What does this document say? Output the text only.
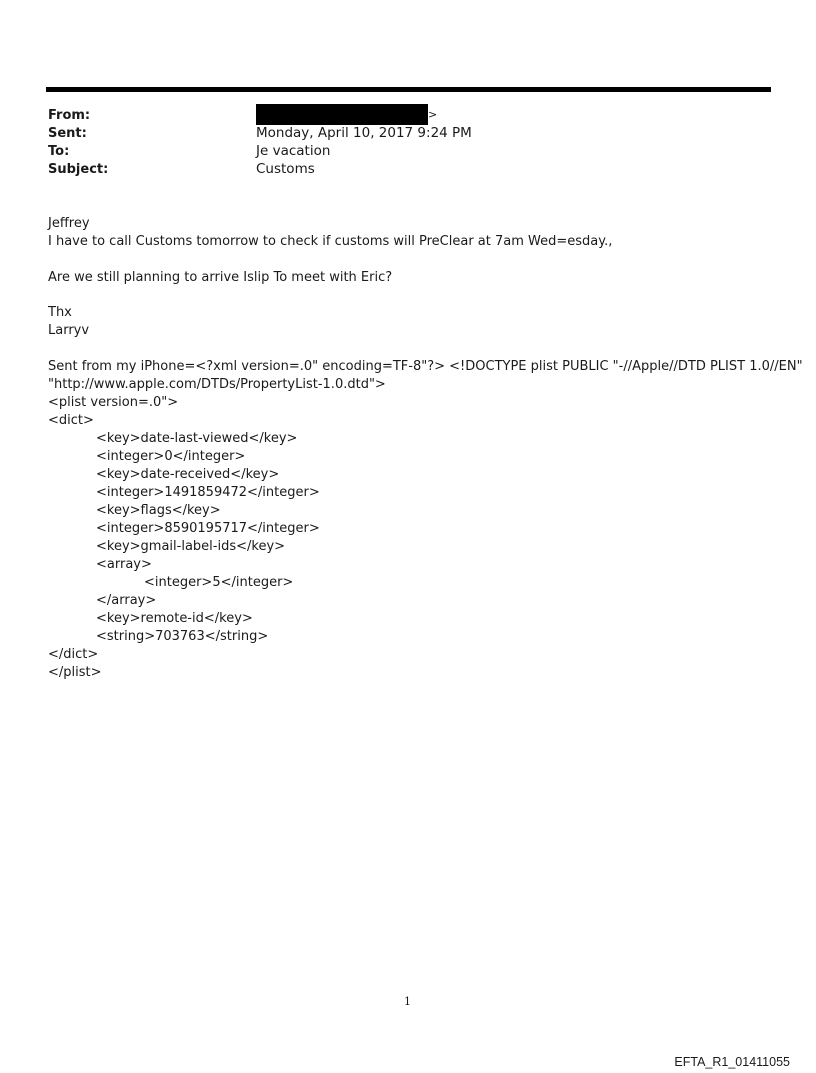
From:	>
Sent:	Monday, April 10, 2017 9:24 PM
To:	Je vacation
Subject:	Customs
Jeffrey
I have to call Customs tomorrow to check if customs will PreClear at 7am Wed=esday.,
Are we still planning to arrive Islip To meet with Eric?
Thx
Larryv
Sent from my iPhone=<?xml version=.0" encoding=TF-8"?> <!DOCTYPE plist PUBLIC "-//Apple//DTD PLIST 1.0//EN"
"http://www.apple.com/DTDs/PropertyList-1.0.dtd">
<plist version=.0">
<dict>
<key>date-last-viewed</key>
<integer>0</integer>
<key>date-received</key>
<integer>1491859472</integer>
<key>flags</key>
<integer>8590195717</integer>
<key>gmail-label-ids</key>
<array>
<integer>5</integer>
</array>
<key>remote-id</key>
<string>703763</string>
</dict>
</plist>
1
EFTA_R1_01411055
